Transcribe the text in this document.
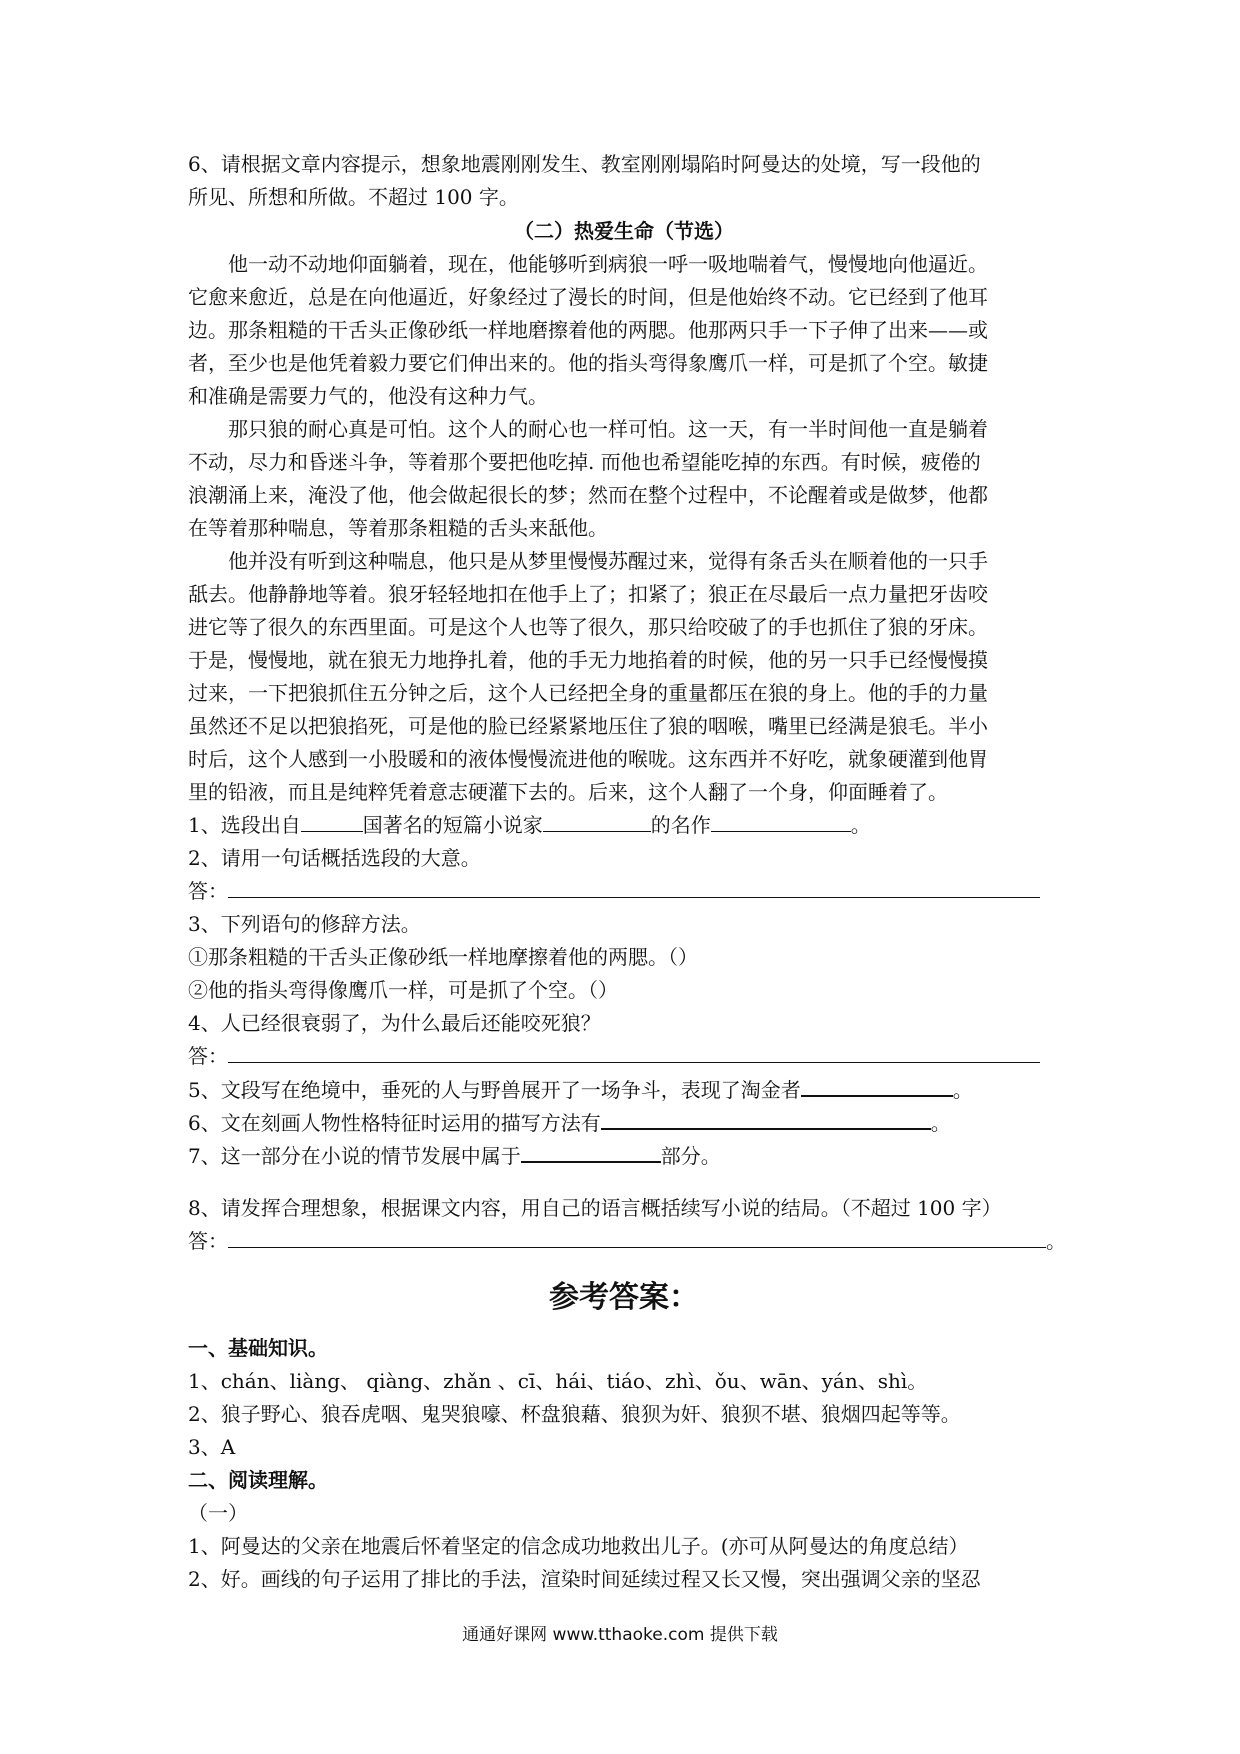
6、请根据文章内容提示，想象地震刚刚发生、教室刚刚塌陷时阿曼达的处境，写一段他的
所见、所想和所做。不超过 100 字。
（二）热爱生命（节选）
他一动不动地仰面躺着，现在，他能够听到病狼一呼一吸地喘着气，慢慢地向他逼近。
它愈来愈近，总是在向他逼近，好象经过了漫长的时间，但是他始终不动。它已经到了他耳
边。那条粗糙的干舌头正像砂纸一样地磨擦着他的两腮。他那两只手一下子伸了出来——或
者，至少也是他凭着毅力要它们伸出来的。他的指头弯得象鹰爪一样，可是抓了个空。敏捷
和准确是需要力气的，他没有这种力气。
那只狼的耐心真是可怕。这个人的耐心也一样可怕。这一天，有一半时间他一直是躺着
不动，尽力和昏迷斗争，等着那个要把他吃掉. 而他也希望能吃掉的东西。有时候，疲倦的
浪潮涌上来，淹没了他，他会做起很长的梦；然而在整个过程中，不论醒着或是做梦，他都
在等着那种喘息，等着那条粗糙的舌头来舐他。
他并没有听到这种喘息，他只是从梦里慢慢苏醒过来，觉得有条舌头在顺着他的一只手
舐去。他静静地等着。狼牙轻轻地扣在他手上了；扣紧了；狼正在尽最后一点力量把牙齿咬
进它等了很久的东西里面。可是这个人也等了很久，那只给咬破了的手也抓住了狼的牙床。
于是，慢慢地，就在狼无力地挣扎着，他的手无力地掐着的时候，他的另一只手已经慢慢摸
过来，一下把狼抓住五分钟之后，这个人已经把全身的重量都压在狼的身上。他的手的力量
虽然还不足以把狼掐死，可是他的脸已经紧紧地压住了狼的咽喉，嘴里已经满是狼毛。半小
时后，这个人感到一小股暖和的液体慢慢流进他的喉咙。这东西并不好吃，就象硬灌到他胃
里的铅液，而且是纯粹凭着意志硬灌下去的。后来，这个人翻了一个身，仰面睡着了。
1、选段出自	国著名的短篇小说家	的名作	。
2、请用一句话概括选段的大意。
答：
3、下列语句的修辞方法。
①那条粗糙的干舌头正像砂纸一样地摩擦着他的两腮。（）
②他的指头弯得像鹰爪一样，可是抓了个空。（）
4、人已经很衰弱了，为什么最后还能咬死狼？
答：
5、文段写在绝境中，垂死的人与野兽展开了一场争斗，表现了淘金者	。
6、文在刻画人物性格特征时运用的描写方法有	。
7、这一部分在小说的情节发展中属于	部分。
8、请发挥合理想象，根据课文内容，用自己的语言概括续写小说的结局。（不超过 100 字）
答：	。
参考答案：
一、基础知识。
1、chán、liàng、 qiàng、zhǎn 、cī、hái、tiáo、zhì、ǒu、wān、yán、shì。
2、狼子野心、狼吞虎咽、鬼哭狼嚎、杯盘狼藉、狼狈为奸、狼狈不堪、狼烟四起等等。
3、A
二、阅读理解。
（一）
1、阿曼达的父亲在地震后怀着坚定的信念成功地救出儿子。(亦可从阿曼达的角度总结）
2、好。画线的句子运用了排比的手法，渲染时间延续过程又长又慢，突出强调父亲的坚忍
通通好课网 www.tthaoke.com 提供下载
